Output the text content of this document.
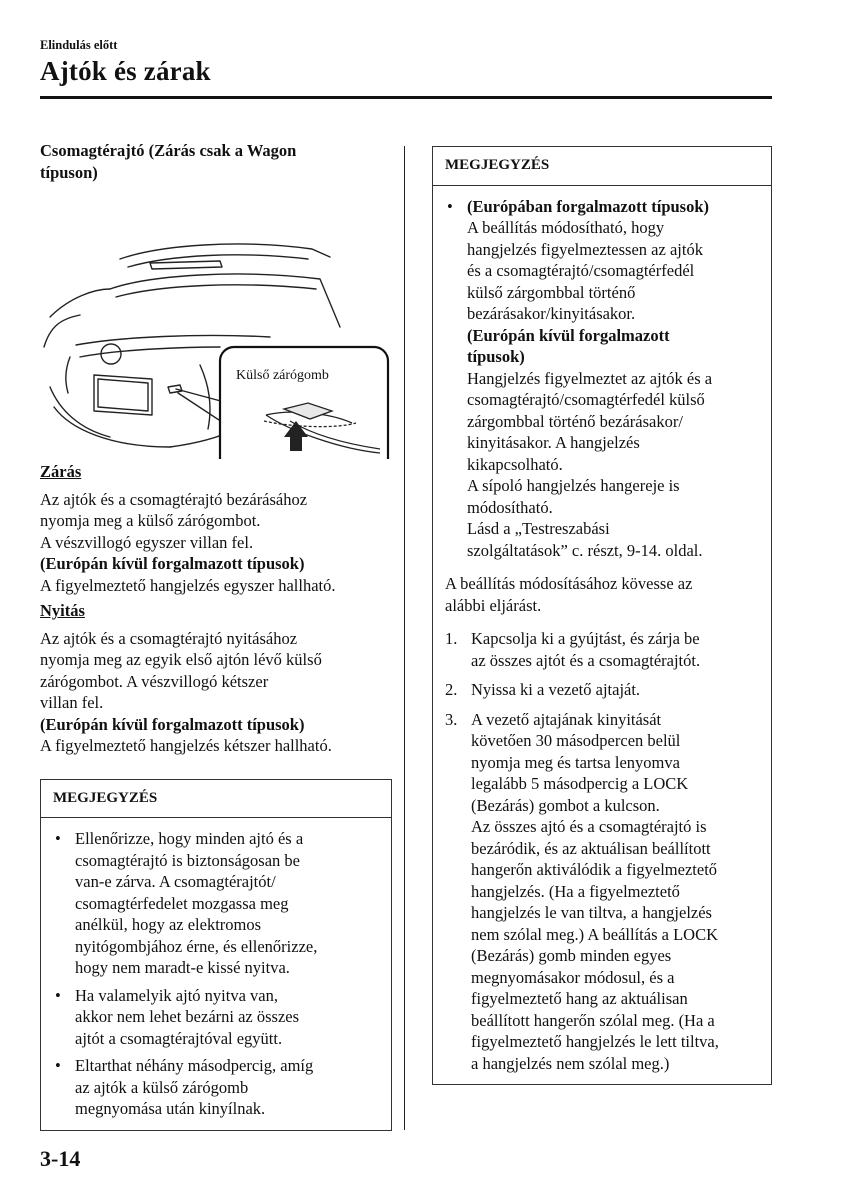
Elindulás előtt
Ajtók és zárak
Csomagtérajtó (Zárás csak a Wagon
típuson)
Külső zárógomb
Zárás

Az ajtók és a csomagtérajtó bezárásához

nyomja meg a külső zárógombot.

A vészvillogó egyszer villan fel.

(Európán kívül forgalmazott típusok)

A figyelmeztető hangjelzés egyszer hallható.

Nyitás

Az ajtók és a csomagtérajtó nyitásához

nyomja meg az egyik első ajtón lévő külső

zárógombot. A vészvillogó kétszer

villan fel.

(Európán kívül forgalmazott típusok)

A figyelmeztető hangjelzés kétszer hallható.

MEGJEGYZÉS
• Ellenőrizze, hogy minden ajtó és a
csomagtérajtó is biztonságosan be
van-e zárva. A csomagtérajtót/
csomagtérfedelet mozgassa meg
anélkül, hogy az elektromos
nyitógombjához érne, és ellenőrizze,
hogy nem maradt-e kissé nyitva.
• Ha valamelyik ajtó nyitva van,
akkor nem lehet bezárni az összes
ajtót a csomagtérajtóval együtt.
• Eltarthat néhány másodpercig, amíg
az ajtók a külső zárógomb
megnyomása után kinyílnak.
MEGJEGYZÉS
• (Európában forgalmazott típusok)
A beállítás módosítható, hogy
hangjelzés figyelmeztessen az ajtók
és a csomagtérajtó/csomagtérfedél
külső zárgombbal történő
bezárásakor/kinyitásakor.
(Európán kívül forgalmazott
típusok)
Hangjelzés figyelmeztet az ajtók és a
csomagtérajtó/csomagtérfedél külső
zárgombbal történő bezárásakor/
kinyitásakor. A hangjelzés
kikapcsolható.
A sípoló hangjelzés hangereje is
módosítható.
Lásd a „Testreszabási
szolgáltatások” c. részt, 9-14. oldal.

A beállítás módosításához kövesse az

alábbi eljárást.

1. Kapcsolja ki a gyújtást, és zárja be
az összes ajtót és a csomagtérajtót.
2. Nyissa ki a vezető ajtaját.
3. A vezető ajtajának kinyitását
követően 30 másodpercen belül
nyomja meg és tartsa lenyomva
legalább 5 másodpercig a LOCK
(Bezárás) gombot a kulcson.
Az összes ajtó és a csomagtérajtó is
bezáródik, és az aktuálisan beállított
hangerőn aktiválódik a figyelmeztető
hangjelzés. (Ha a figyelmeztető
hangjelzés le van tiltva, a hangjelzés
nem szólal meg.) A beállítás a LOCK
(Bezárás) gomb minden egyes
megnyomásakor módosul, és a
figyelmeztető hang az aktuálisan
beállított hangerőn szólal meg. (Ha a
figyelmeztető hangjelzés le lett tiltva,
a hangjelzés nem szólal meg.)
3-14
